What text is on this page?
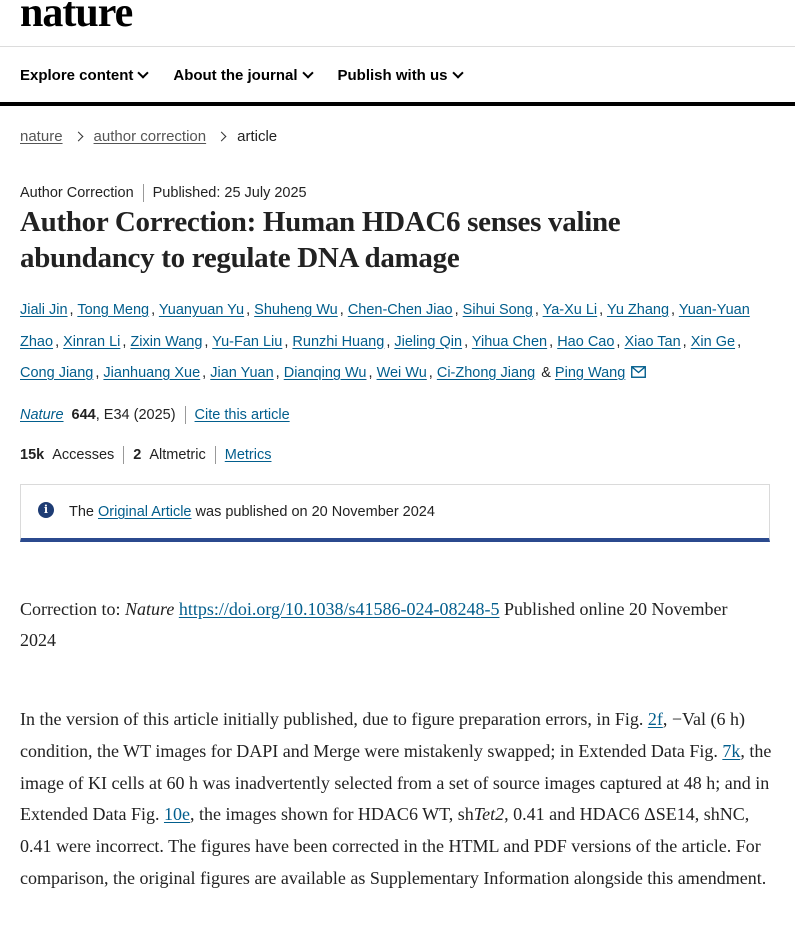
nature
Explore content	About the journal	Publish with us
nature author correction article
Author Correction Published: 25 July 2025
Author Correction: Human HDAC6 senses valine abundancy to regulate DNA damage
Jiali Jin , Tong Meng , Yuanyuan Yu , Shuheng Wu , Chen-Chen Jiao , Sihui Song , Ya-Xu Li , Yu Zhang , Yuan-Yuan Zhao , Xinran Li , Zixin Wang , Yu-Fan Liu , Runzhi Huang , Jieling Qin , Yihua Chen , Hao Cao , Xiao Tan , Xin Ge , Cong Jiang , Jianhuang Xue , Jian Yuan , Dianqing Wu , Wei Wu , Ci-Zhong Jiang & Ping Wang
Nature 644 , E34 (2025) Cite this article
15k Accesses 2 Altmetric Metrics
i	The Original Article was published on 20 November 2024
Correction to: Nature https://doi.org/10.1038/s41586-024-08248-5 Published online 20 November 2024
In the version of this article initially published, due to figure preparation errors, in Fig. 2f, −Val (6 h) condition, the WT images for DAPI and Merge were mistakenly swapped; in Extended Data Fig. 7k, the image of KI cells at 60 h was inadvertently selected from a set of source images captured at 48 h; and in Extended Data Fig. 10e, the images shown for HDAC6 WT, shTet2, 0.41 and HDAC6 ΔSE14, shNC, 0.41 were incorrect. The figures have been corrected in the HTML and PDF versions of the article. For comparison, the original figures are available as Supplementary Information alongside this amendment.
